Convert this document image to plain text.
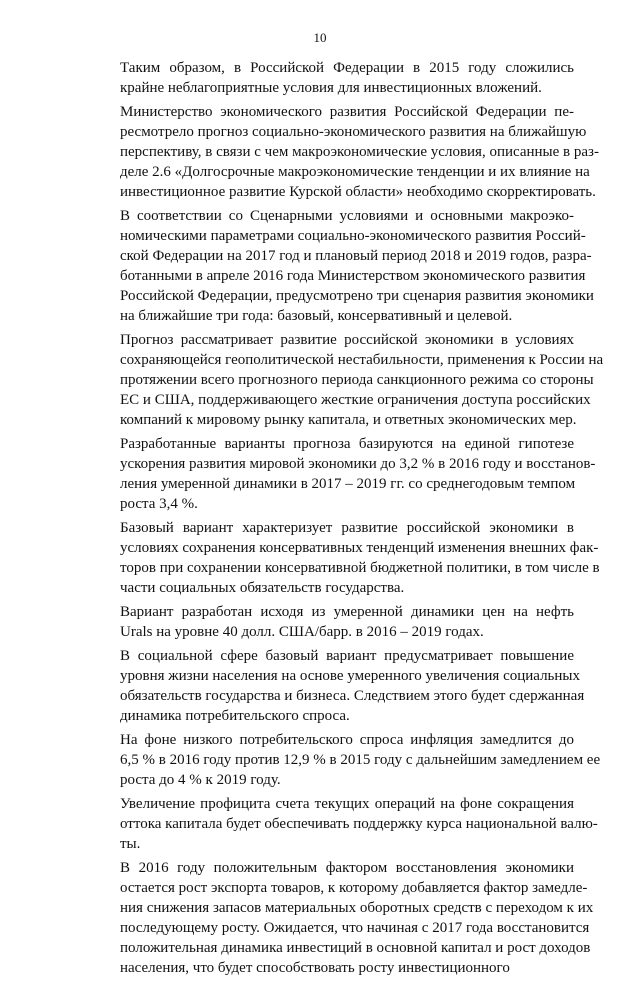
10
Таким образом, в Российской Федерации в 2015 году сложились
крайне неблагоприятные условия для инвестиционных вложений.
Министерство экономического развития Российской Федерации пе-
ресмотрело прогноз социально-экономического развития на ближайшую
перспективу, в связи с чем макроэкономические условия, описанные в раз-
деле 2.6 «Долгосрочные макроэкономические тенденции и их влияние на
инвестиционное развитие Курской области» необходимо скорректировать.
В соответствии со Сценарными условиями и основными макроэко-
номическими параметрами социально-экономического развития Россий-
ской Федерации на 2017 год и плановый период 2018 и 2019 годов, разра-
ботанными в апреле 2016 года Министерством экономического развития
Российской Федерации, предусмотрено три сценария развития экономики
на ближайшие три года: базовый, консервативный и целевой.
Прогноз рассматривает развитие российской экономики в условиях
сохраняющейся геополитической нестабильности, применения к России на
протяжении всего прогнозного периода санкционного режима со стороны
ЕС и США, поддерживающего жесткие ограничения доступа российских
компаний к мировому рынку капитала, и ответных экономических мер.
Разработанные варианты прогноза базируются на единой гипотезе
ускорения развития мировой экономики до 3,2 % в 2016 году и восстанов-
ления умеренной динамики в 2017 – 2019 гг. со среднегодовым темпом
роста 3,4 %.
Базовый вариант характеризует развитие российской экономики в
условиях сохранения консервативных тенденций изменения внешних фак-
торов при сохранении консервативной бюджетной политики, в том числе в
части социальных обязательств государства.
Вариант разработан исходя из умеренной динамики цен на нефть
Urals на уровне 40 долл. США/барр. в 2016 – 2019 годах.
В социальной сфере базовый вариант предусматривает повышение
уровня жизни населения на основе умеренного увеличения социальных
обязательств государства и бизнеса. Следствием этого будет сдержанная
динамика потребительского спроса.
На фоне низкого потребительского спроса инфляция замедлится до
6,5 % в 2016 году против 12,9 % в 2015 году с дальнейшим замедлением ее
роста до 4 % к 2019 году.
Увеличение профицита счета текущих операций на фоне сокращения
оттока капитала будет обеспечивать поддержку курса национальной валю-
ты.
В 2016 году положительным фактором восстановления экономики
остается рост экспорта товаров, к которому добавляется фактор замедле-
ния снижения запасов материальных оборотных средств с переходом к их
последующему росту. Ожидается, что начиная с 2017 года восстановится
положительная динамика инвестиций в основной капитал и рост доходов
населения, что будет способствовать росту инвестиционного
